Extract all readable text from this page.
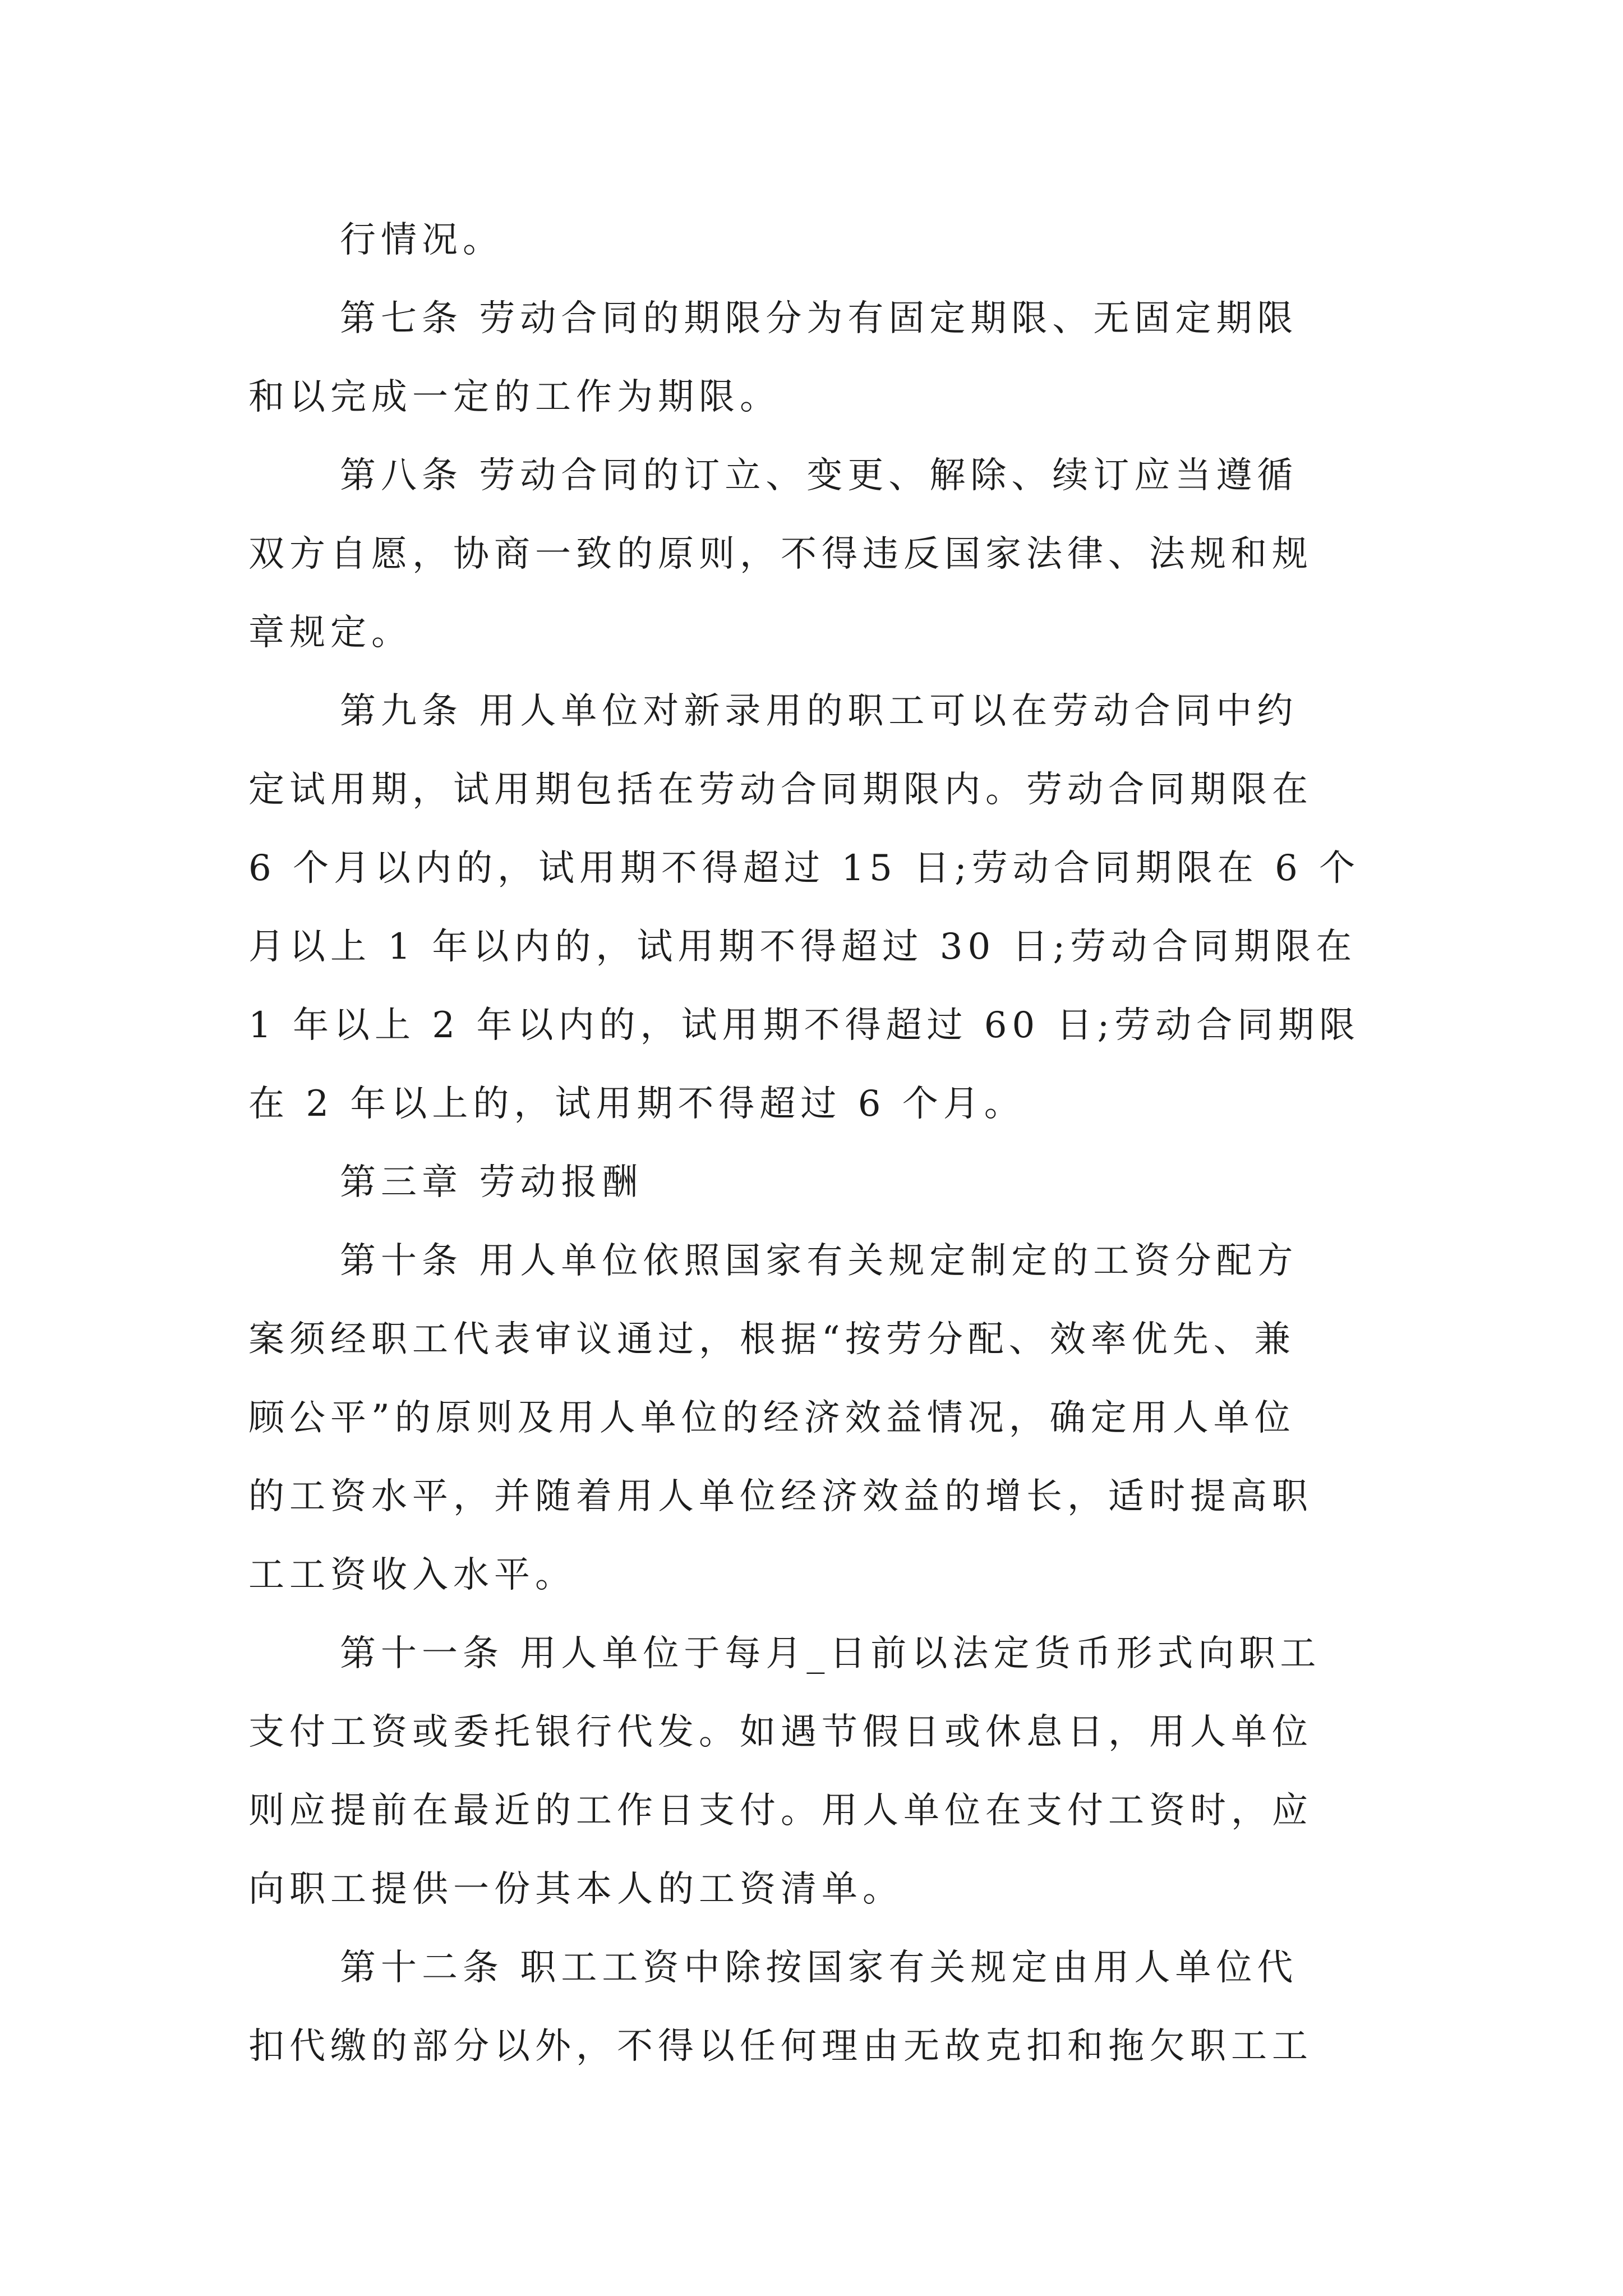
行情况。
第七条 劳动合同的期限分为有固定期限、无固定期限
和以完成一定的工作为期限。
第八条 劳动合同的订立、变更、解除、续订应当遵循
双方自愿，协商一致的原则，不得违反国家法律、法规和规
章规定。
第九条 用人单位对新录用的职工可以在劳动合同中约
定试用期，试用期包括在劳动合同期限内。劳动合同期限在
6 个月以内的，试用期不得超过 15 日;劳动合同期限在 6 个
月以上 1 年以内的，试用期不得超过 30 日;劳动合同期限在
1 年以上 2 年以内的，试用期不得超过 60 日;劳动合同期限
在 2 年以上的，试用期不得超过 6 个月。
第三章 劳动报酬
第十条 用人单位依照国家有关规定制定的工资分配方
案须经职工代表审议通过，根据“按劳分配、效率优先、兼
顾公平”的原则及用人单位的经济效益情况，确定用人单位
的工资水平，并随着用人单位经济效益的增长，适时提高职
工工资收入水平。
第十一条 用人单位于每月_日前以法定货币形式向职工
支付工资或委托银行代发。如遇节假日或休息日，用人单位
则应提前在最近的工作日支付。用人单位在支付工资时，应
向职工提供一份其本人的工资清单。
第十二条 职工工资中除按国家有关规定由用人单位代
扣代缴的部分以外，不得以任何理由无故克扣和拖欠职工工
